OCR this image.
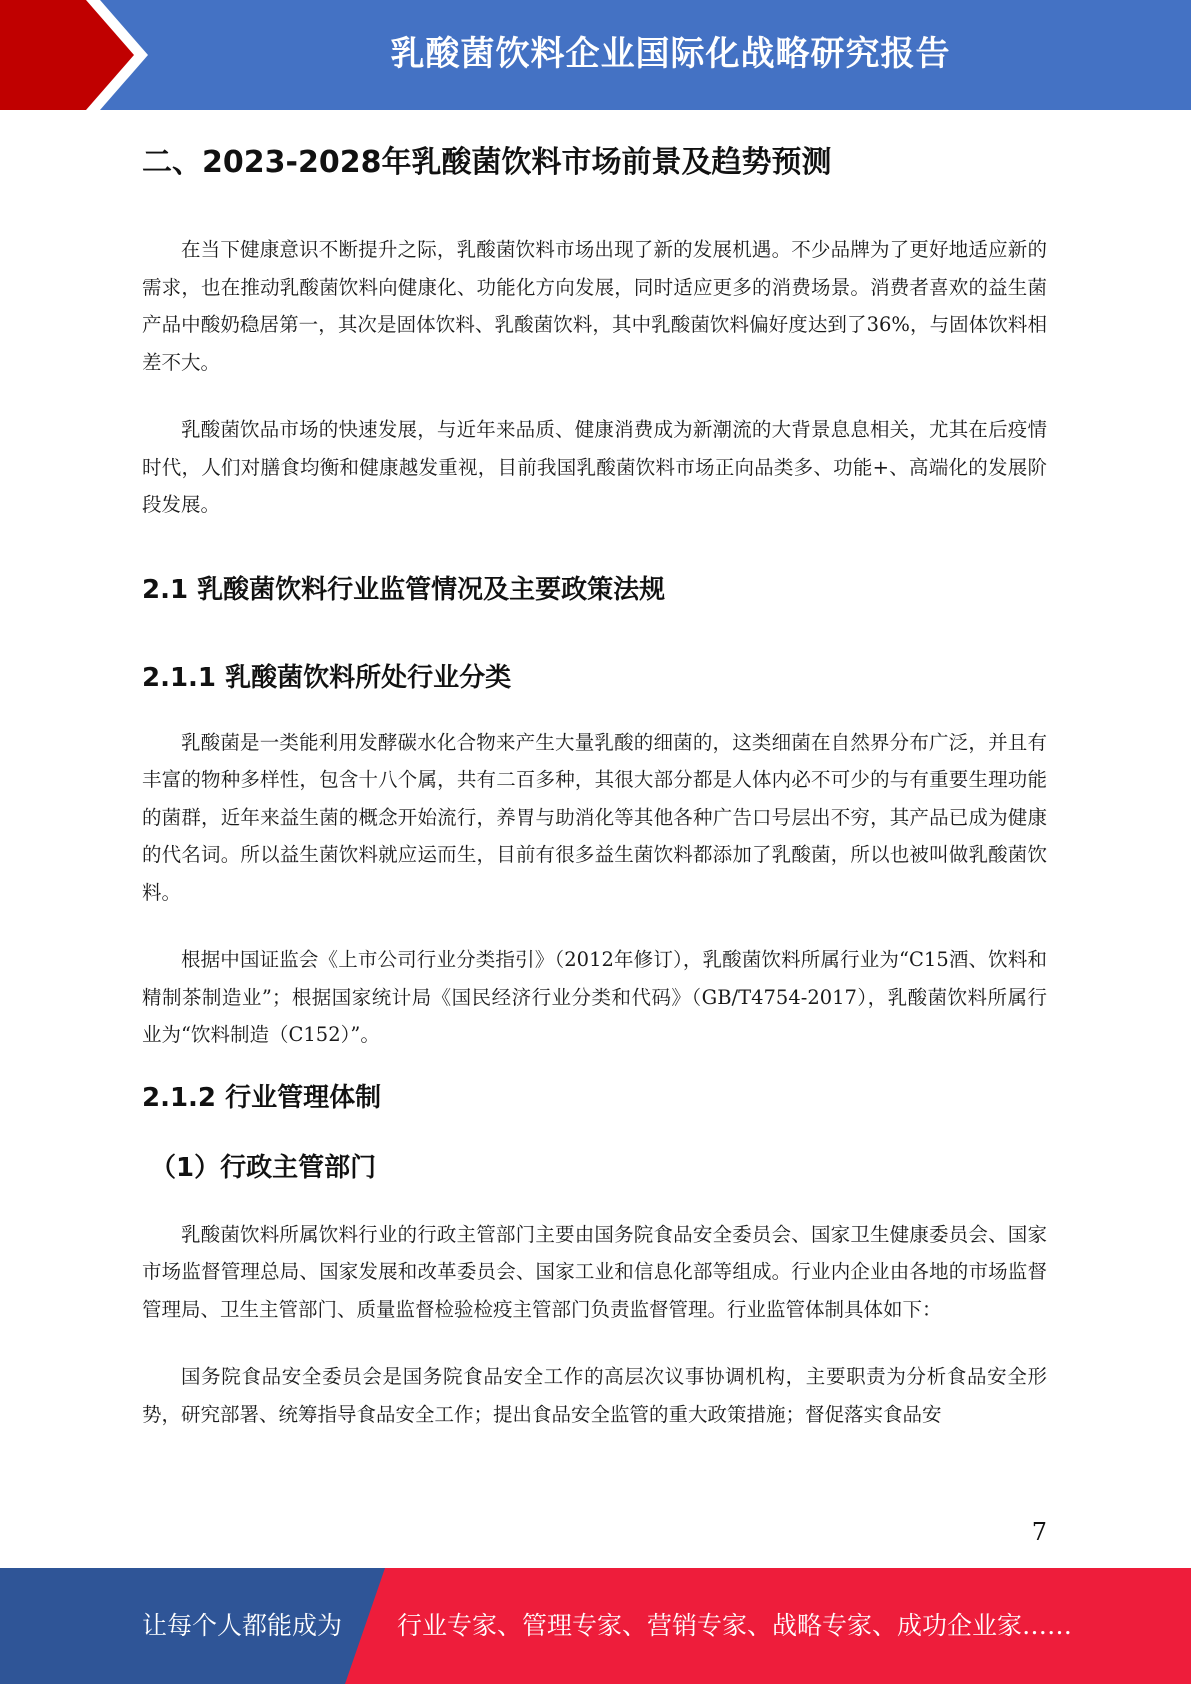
乳酸菌饮料企业国际化战略研究报告
二、2023-2028年乳酸菌饮料市场前景及趋势预测

在当下健康意识不断提升之际，乳酸菌饮料市场出现了新的发展机遇。不少品牌为了更好地适应新的需求，也在推动乳酸菌饮料向健康化、功能化方向发展，同时适应更多的消费场景。消费者喜欢的益生菌产品中酸奶稳居第一，其次是固体饮料、乳酸菌饮料，其中乳酸菌饮料偏好度达到了36%，与固体饮料相差不大。

乳酸菌饮品市场的快速发展，与近年来品质、健康消费成为新潮流的大背景息息相关，尤其在后疫情时代，人们对膳食均衡和健康越发重视，目前我国乳酸菌饮料市场正向品类多、功能+、高端化的发展阶段发展。

2.1 乳酸菌饮料行业监管情况及主要政策法规
2.1.1 乳酸菌饮料所处行业分类

乳酸菌是一类能利用发酵碳水化合物来产生大量乳酸的细菌的，这类细菌在自然界分布广泛，并且有丰富的物种多样性，包含十八个属，共有二百多种，其很大部分都是人体内必不可少的与有重要生理功能的菌群，近年来益生菌的概念开始流行，养胃与助消化等其他各种广告口号层出不穷，其产品已成为健康的代名词。所以益生菌饮料就应运而生，目前有很多益生菌饮料都添加了乳酸菌，所以也被叫做乳酸菌饮料。

根据中国证监会《上市公司行业分类指引》（2012年修订），乳酸菌饮料所属行业为“C15酒、饮料和精制茶制造业”；根据国家统计局《国民经济行业分类和代码》（GB/T4754-2017），乳酸菌饮料所属行业为“饮料制造（C152）”。

2.1.2 行业管理体制
（1）行政主管部门

乳酸菌饮料所属饮料行业的行政主管部门主要由国务院食品安全委员会、国家卫生健康委员会、国家市场监督管理总局、国家发展和改革委员会、国家工业和信息化部等组成。行业内企业由各地的市场监督管理局、卫生主管部门、质量监督检验检疫主管部门负责监督管理。行业监管体制具体如下：

国务院食品安全委员会是国务院食品安全工作的高层次议事协调机构，主要职责为分析食品安全形势，研究部署、统筹指导食品安全工作；提出食品安全监管的重大政策措施；督促落实食品安

7
让每个人都能成为 行业专家、管理专家、营销专家、战略专家、成功企业家……
